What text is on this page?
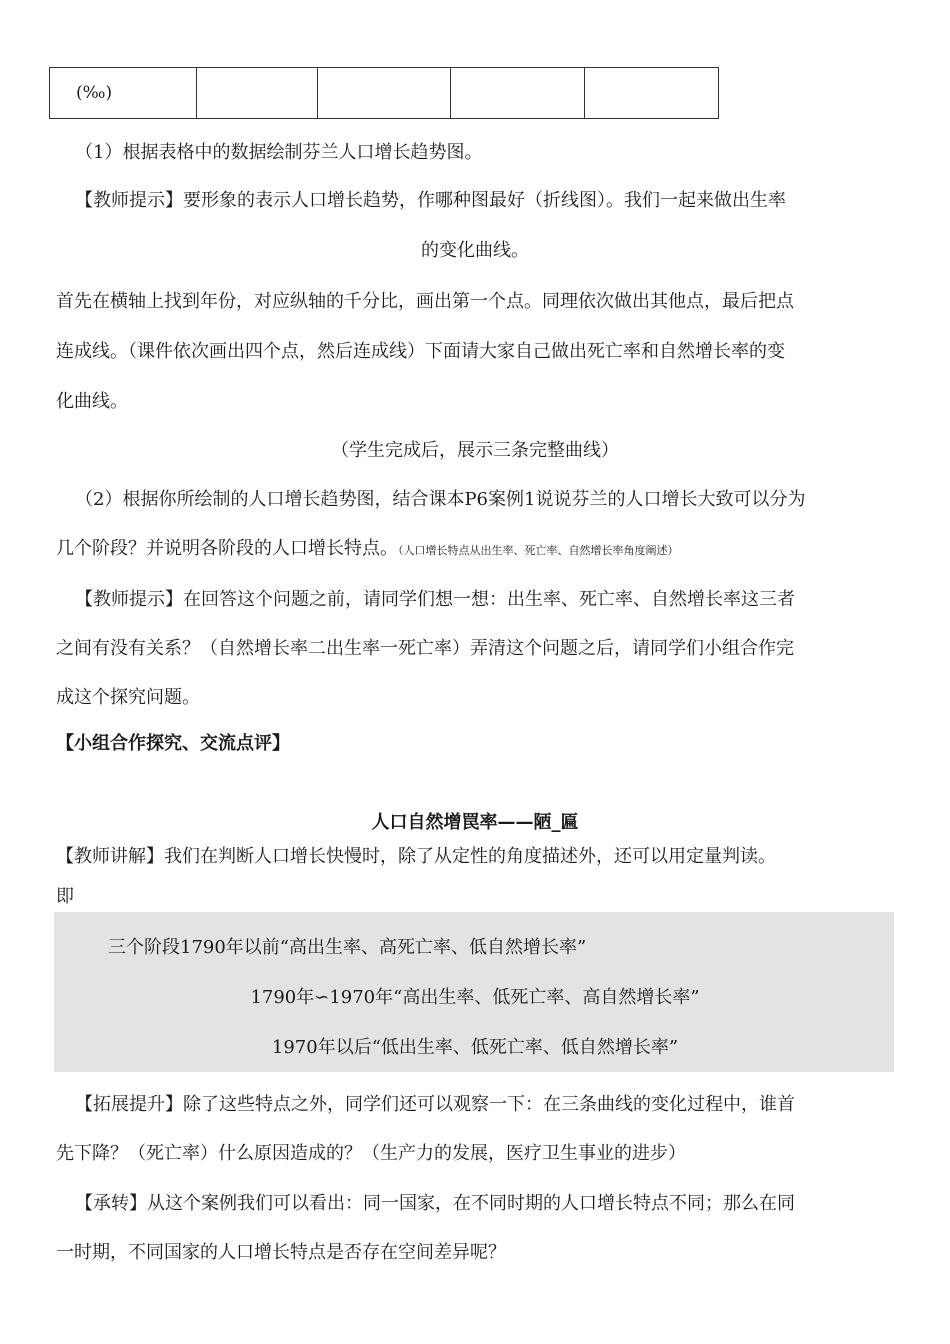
(‰)				
（1）根据表格中的数据绘制芬兰人口增长趋势图。
【教师提示】要形象的表示人口增长趋势，作哪种图最好（折线图）。我们一起来做出生率
的变化曲线。
首先在横轴上找到年份，对应纵轴的千分比，画出第一个点。同理依次做出其他点，最后把点
连成线。（课件依次画出四个点，然后连成线）下面请大家自己做出死亡率和自然增长率的变
化曲线。
（学生完成后，展示三条完整曲线）
（2）根据你所绘制的人口增长趋势图，结合课本P6案例1说说芬兰的人口增长大致可以分为
几个阶段？并说明各阶段的人口增长特点。（人口增长特点从出生率、死亡率、自然增长率角度阐述）
【教师提示】在回答这个问题之前，请同学们想一想：出生率、死亡率、自然增长率这三者
之间有没有关系？（自然增长率二出生率一死亡率）弄清这个问题之后，请同学们小组合作完
成这个探究问题。
【小组合作探究、交流点评】
人口自然增罠率——陋_匾
【教师讲解】我们在判断人口增长快慢时，除了从定性的角度描述外，还可以用定量判读。
即
三个阶段1790年以前“高出生率、高死亡率、低自然增长率”
1790年∽1970年“高出生率、低死亡率、高自然增长率”
1970年以后“低出生率、低死亡率、低自然增长率”
【拓展提升】除了这些特点之外，同学们还可以观察一下：在三条曲线的变化过程中，谁首
先下降？（死亡率）什么原因造成的？（生产力的发展，医疗卫生事业的进步）
【承转】从这个案例我们可以看出：同一国家，在不同时期的人口增长特点不同；那么在同
一时期，不同国家的人口增长特点是否存在空间差异呢？
